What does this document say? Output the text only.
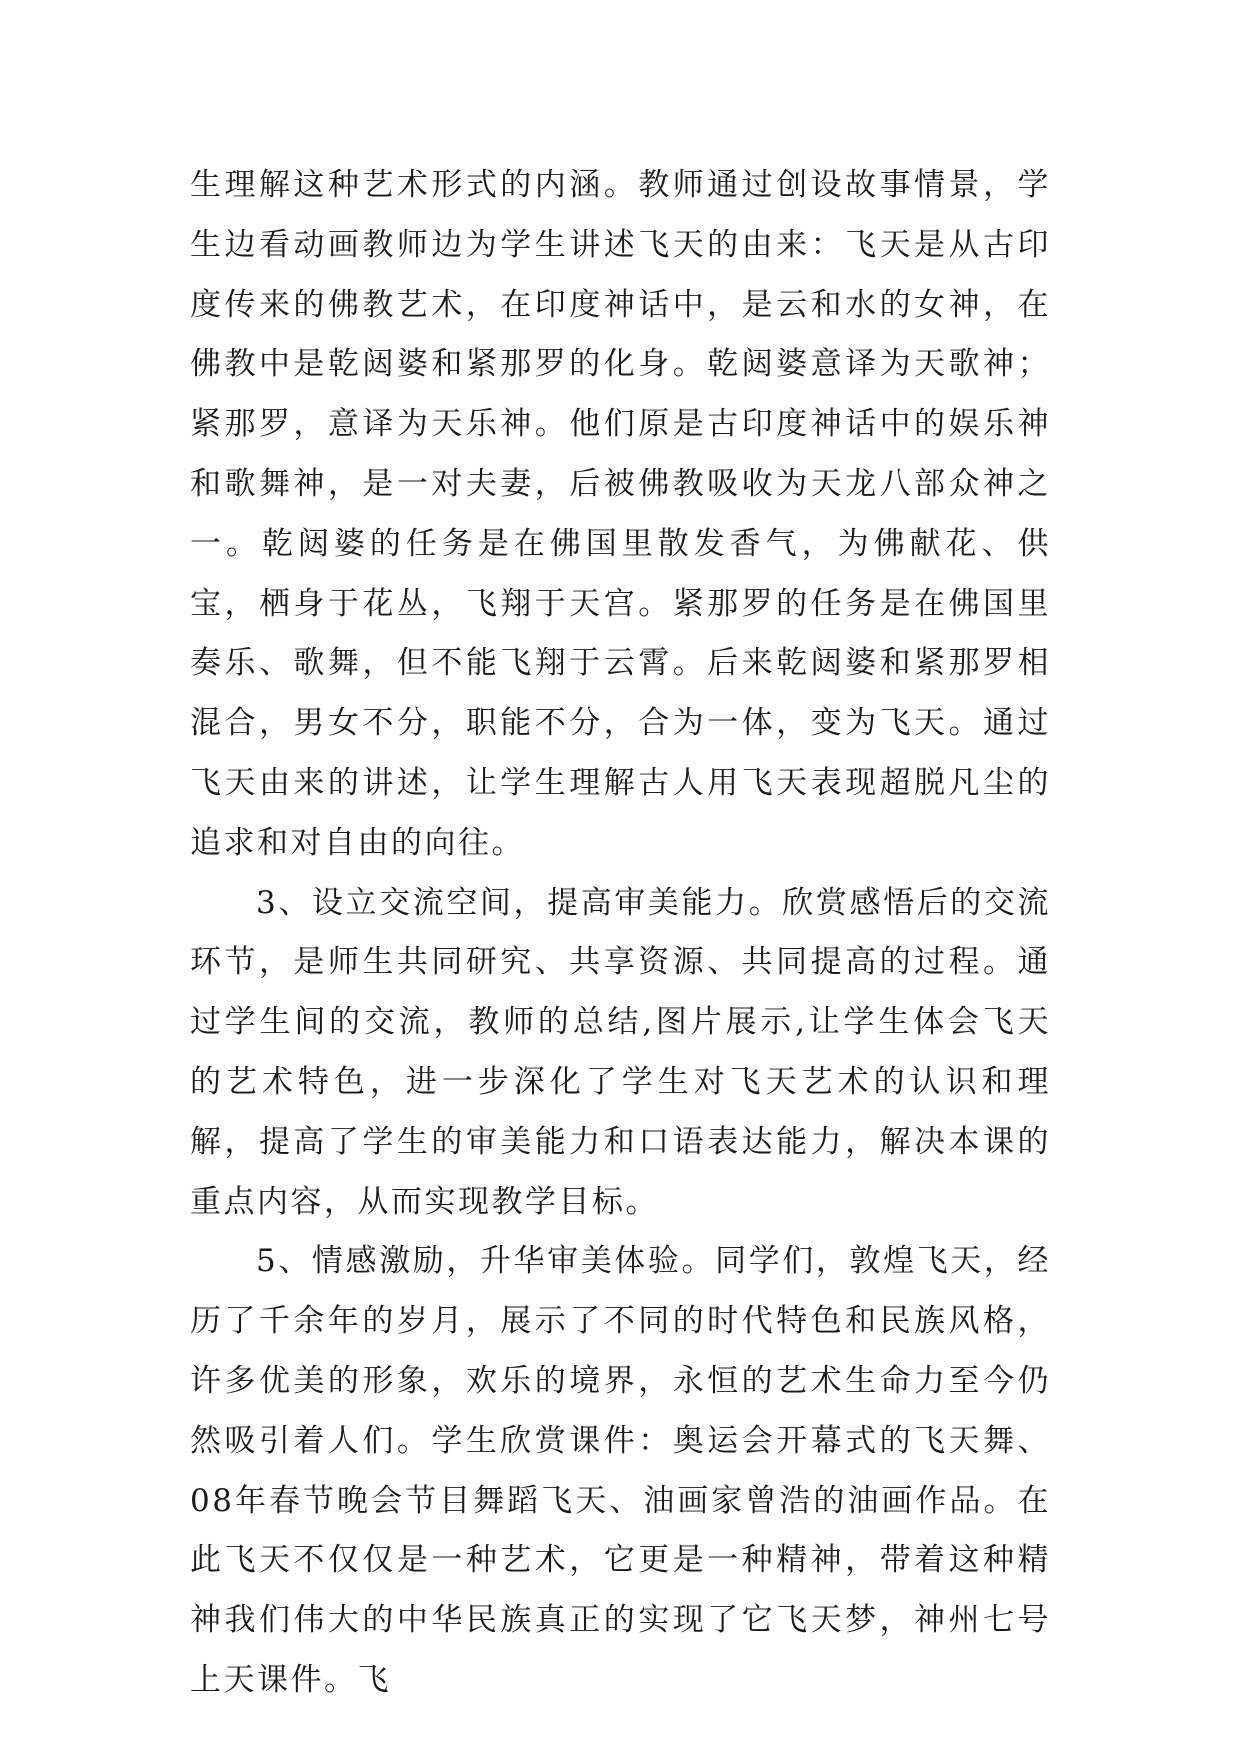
生理解这种艺术形式的内涵。教师通过创设故事情景，学生边看动画教师边为学生讲述飞天的由来：飞天是从古印度传来的佛教艺术，在印度神话中，是云和水的女神，在佛教中是乾闼婆和紧那罗的化身。乾闼婆意译为天歌神；紧那罗，意译为天乐神。他们原是古印度神话中的娱乐神和歌舞神，是一对夫妻，后被佛教吸收为天龙八部众神之一。乾闼婆的任务是在佛国里散发香气，为佛献花、供宝，栖身于花丛，飞翔于天宫。紧那罗的任务是在佛国里奏乐、歌舞，但不能飞翔于云霄。后来乾闼婆和紧那罗相混合，男女不分，职能不分，合为一体，变为飞天。通过飞天由来的讲述，让学生理解古人用飞天表现超脱凡尘的追求和对自由的向往。

3、设立交流空间，提高审美能力。欣赏感悟后的交流环节，是师生共同研究、共享资源、共同提高的过程。通过学生间的交流，教师的总结,图片展示,让学生体会飞天的艺术特色，进一步深化了学生对飞天艺术的认识和理解，提高了学生的审美能力和口语表达能力，解决本课的重点内容，从而实现教学目标。

5、情感激励，升华审美体验。同学们，敦煌飞天，经历了千余年的岁月，展示了不同的时代特色和民族风格，许多优美的形象，欢乐的境界，永恒的艺术生命力至今仍然吸引着人们。学生欣赏课件：奥运会开幕式的飞天舞、08年春节晚会节目舞蹈飞天、油画家曾浩的油画作品。在此飞天不仅仅是一种艺术，它更是一种精神，带着这种精神我们伟大的中华民族真正的实现了它飞天梦，神州七号上天课件。飞
